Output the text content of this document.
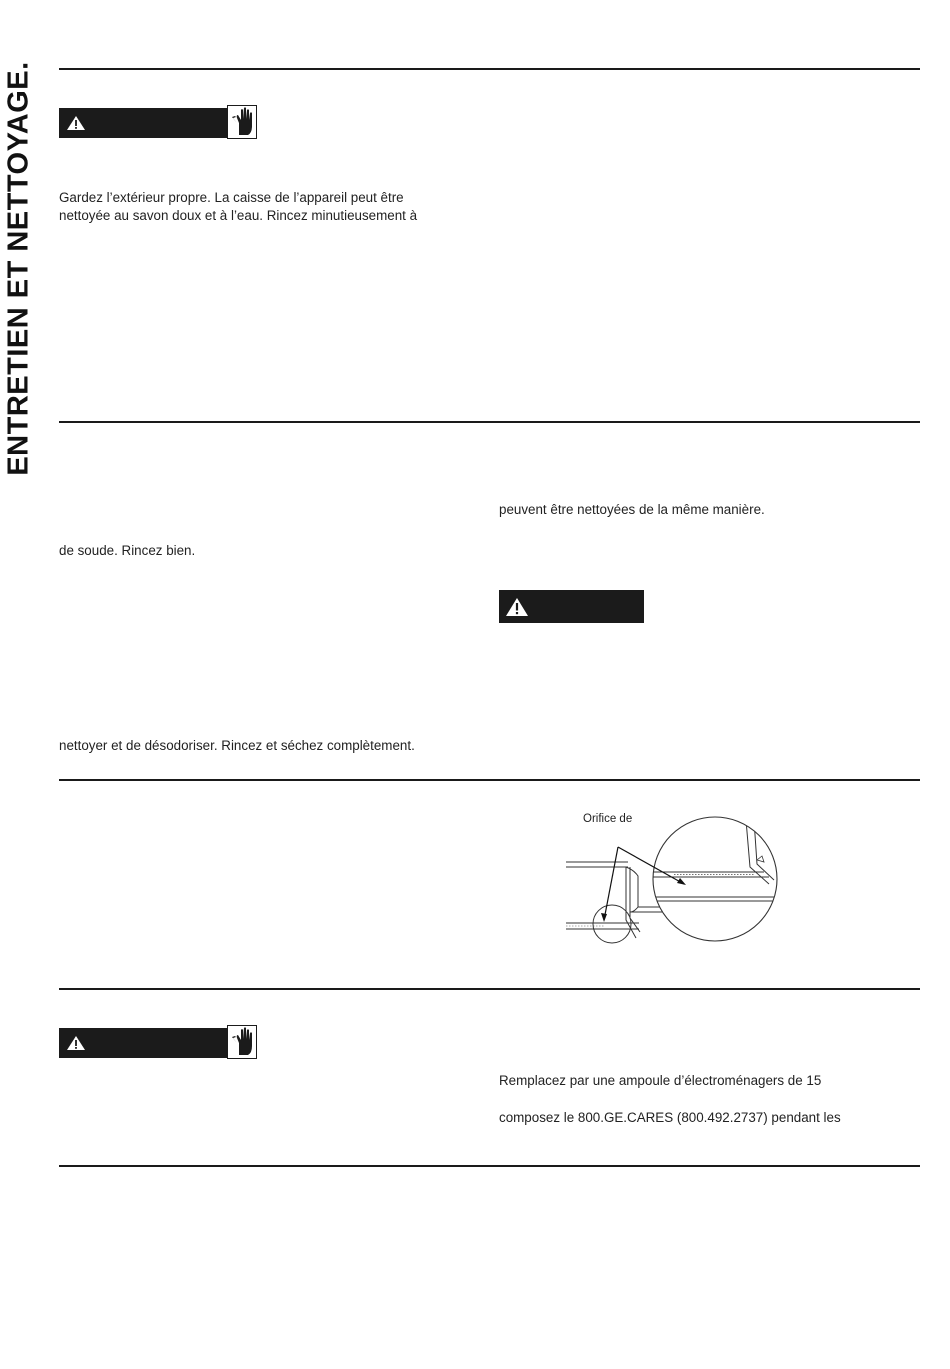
ENTRETIEN ET NETTOYAGE. Gardez l’extérieur propre. La caisse de l’appareil peut être

nettoyée au savon doux et à l’eau. Rincez minutieusement à

peuvent être nettoyées de la même manière.

de soude. Rincez bien.

nettoyer et de désodoriser. Rincez et séchez complètement.

Orifice de

Remplacez par une ampoule d’électroménagers de 15

composez le 800.GE.CARES (800.492.2737) pendant les
